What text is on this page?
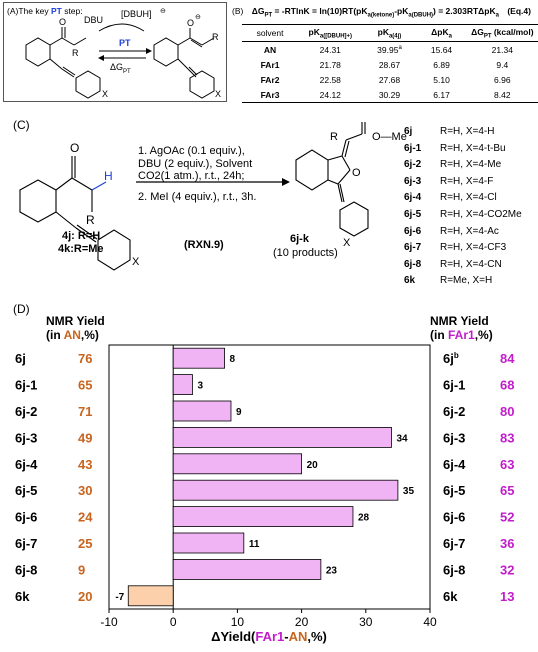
(A)The key PT step:
O
R
X
DBU
[DBUH] ⊖
PT
ΔG PT
O
⊖
R
X
(B) $\Delta G_{PT} = -RTlnK = \ln(10)RT(pK_{a(ketone)}-pK_{a(DBUH)}) = 2.303RT\Delta pK_a$ (Eq.4)
solvent	$pK_{a([DBUH]+)}$	$pK_{a(4j)}$	ΔpK$_a$	$\Delta G_{PT}$ (kcal/mol)
AN	24.31	39.95$^a$	15.64	21.34
FAr1	21.78	28.67	6.89	9.4
FAr2	22.58	27.68	5.10	6.96
FAr3	24.12	30.29	6.17	8.42
(C)
O
H
R
X
1. AgOAc (0.1 equiv.),
DBU (2 equiv.), Solvent
CO2(1 atm.), r.t., 24h;
2. MeI (4 equiv.), r.t., 3h.
(RXN.9)
4j: R=H
4k:R=Me
R
O
O—Me
X
6j-k
(10 products)
6j	R=H, X=4-H
6j-1 R=H, X=4-t-Bu
6j-2 R=H, X=4-Me
6j-3 R=H, X=4-F
6j-4 R=H, X=4-Cl
6j-5 R=H, X=4-CO2Me
6j-6 R=H, X=4-Ac
6j-7 R=H, X=4-CF3
6j-8 R=H, X=4-CN
6k R=Me, X=H
(D)
NMR Yield
(in AN,%)
NMR Yield
(in FAr1,%)
-10	0	10	20	30	40
8
6j	76	$6j^b$	84
3
6j-1	65	6j-1	68
9
6j-2	71	6j-2	80
34
6j-3	49	6j-3	83
20
6j-4	43	6j-4	63
35
6j-5	30	6j-5	65
28
6j-6	24	6j-6	52
11
6j-7	25	6j-7	36
23
6j-8	9	6j-8	32
-7
6k	20	6k	13
ΔYield(FAr1-AN,%)
